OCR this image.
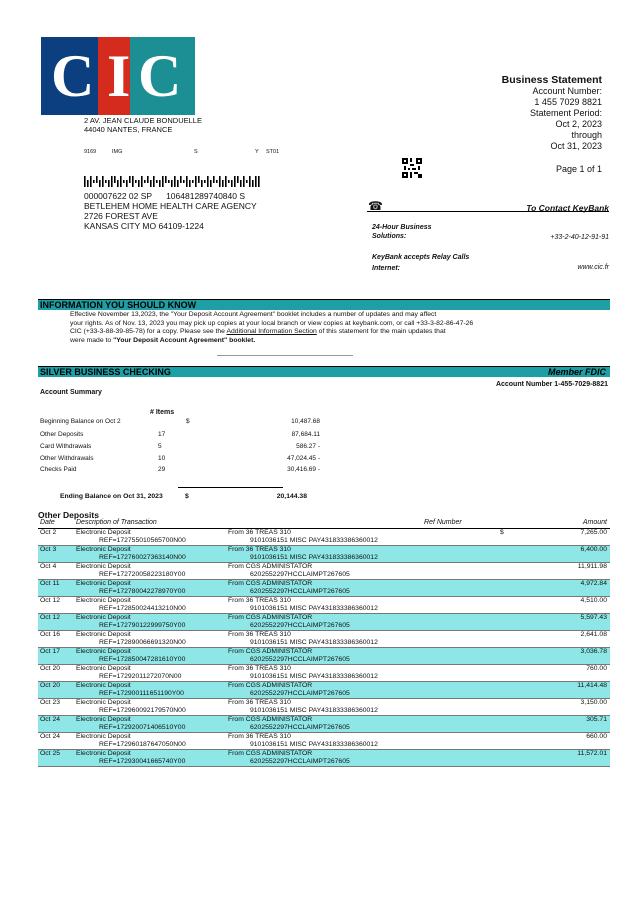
C I C	Business Statement
Account Number:
1 455 7029 8821
Statement Period:
Oct 2, 2023
through
Oct 31, 2023
2 AV. JEAN CLAUDE BONDUELLE
44040 NANTES, FRANCE
9169	IMG	S	Y ST01
000007622 02 SP      106481289740840 S
BETLEHEM HOME HEALTH CARE AGENCY
2726 FOREST AVE
KANSAS CITY MO 64109-1224
Page 1 of 1
☎	To Contact KeyBank
24-Hour Business
Solutions:	+33-2-40-12-91-91
KeyBank accepts Relay Calls
Internet:	www.cic.fr
INFORMATION YOU SHOULD KNOW
Effective November 13,2023, the "Your Deposit Account Agreement" booklet includes a number of updates and may affect
your rights. As of Nov. 13, 2023 you may pick up copies at your local branch or view copies at keybank.com, or call +33-3-82-86-47-26
CIC (+33-3-88-39-85-78) for a copy. Please see the Additional Information Section of this statement for the main updates that
were made to "Your Deposit Account Agreement" booklet.
SILVER BUSINESS CHECKING	Member FDIC
Account Number 1-455-7029-8821
Account Summary
# Items
Beginning Balance on Oct 2	$	10,487.68
Other Deposits	17	87,684.11
Card Withdrawals	5	586.27 -
Other Withdrawals	10	47,024.45 -
Checks Paid	29	30,416.69 -
Ending Balance on Oct 31, 2023	$	20,144.38
Other Deposits
Date	Description of Transaction	Ref Number	Amount
Oct 2	Electronic Deposit
REF=172755010565700N00
From 36 TREAS 310
9101036151 MISC PAY431833386360012
$	7,265.00
Oct 3	Electronic Deposit
REF=172760027363140N00
From 36 TREAS 310
9101036151 MISC PAY431833386360012
6,400.00
Oct 4	Electronic Deposit
REF=172720058223180Y00
From CGS ADMINISTATOR
6202552297HCCLAIMPT267605
11,911.98
Oct 11 Electronic Deposit
REF=172780042278970Y00
From CGS ADMINISTATOR
6202552297HCCLAIMPT267605
4,972.84
Oct 12 Electronic Deposit
REF=172850024413210N00
From 36 TREAS 310
9101036151 MISC PAY431833386360012
4,510.00
Oct 12 Electronic Deposit
REF=172790122999750Y00
From CGS ADMINISTATOR
6202552297HCCLAIMPT267605
5,597.43
Oct 16 Electronic Deposit
REF=172890066691320N00
From 36 TREAS 310
9101036151 MISC PAY431833386360012
2,641.08
Oct 17 Electronic Deposit
REF=172850047281610Y00
From CGS ADMINISTATOR
6202552297HCCLAIMPT267605
3,036.78
Oct 20 Electronic Deposit
REF=17292011272070N00
From 36 TREAS 310
9101036151 MISC PAY431833386360012
760.00
Oct 20 Electronic Deposit
REF=172900111651190Y00
From CGS ADMINISTATOR
6202552297HCCLAIMPT267605
11,414.48
Oct 23 Electronic Deposit
REF=172960092179570N00
From 36 TREAS 310
9101036151 MISC PAY431833386360012
3,150.00
Oct 24 Electronic Deposit
REF=172920071406510Y00
From CGS ADMINISTATOR
6202552297HCCLAIMPT267605
305.71
Oct 24 Electronic Deposit
REF=172960187647050N00
From 36 TREAS 310
9101036151 MISC PAY431833386360012
660.00
Oct 25 Electronic Deposit
REF=172930041665740Y00
From CGS ADMINISTATOR
6202552297HCCLAIMPT267605
11,572.01
